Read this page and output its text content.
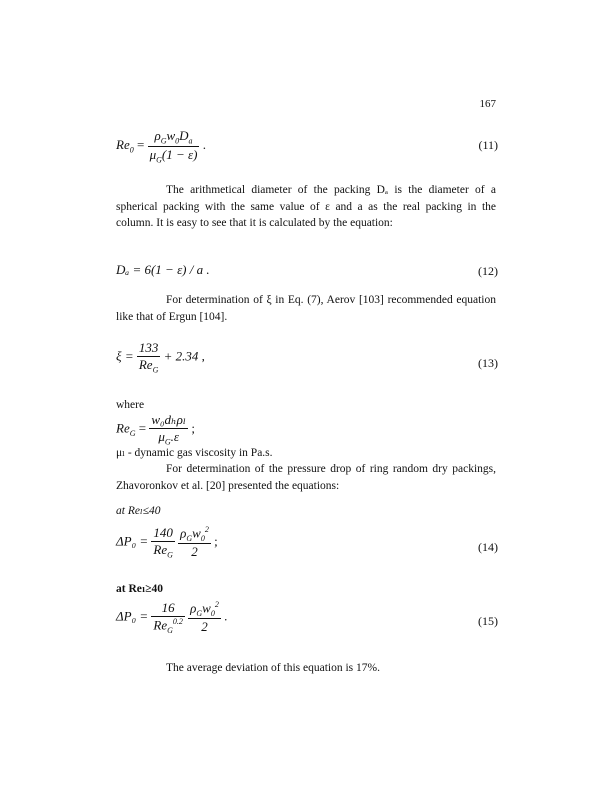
167
$Re_0 = \frac{\rho_Gw_0D_a}{\mu_G(1 - \varepsilon)}$ .	(11)
The arithmetical diameter of the packing Dₐ is the diameter of a spherical packing with the same value of ε and a as the real packing in the column. It is easy to see that it is calculated by the equation:
Dₐ = 6(1 − ε) / a .	(12)
For determination of ξ in Eq. (7), Aerov [103] recommended equation like that of Ergun [104].
$\xi = \frac{133}{Re_G} + 2.34$ ,	(13)
where
$Re_G = \frac{\text{w₀dₕρₗ}}{\mu_G.\varepsilon}$ ;
μₗ - dynamic gas viscosity in Pa.s.
For determination of the pressure drop of ring random dry packings, Zhavoronkov et al. [20] presented the equations:
at Reₗ≤40
$\Delta P_0 = \frac{140}{Re_G}$
$\frac{\rho_Gw_0^2}{2}$ ;	(14)
at Reₗ≥40
$\Delta P_0 = \frac{16}{Re_G^{0.2}}$
$\frac{\rho_Gw_0^2}{2}$ .	(15)
The average deviation of this equation is 17%.
